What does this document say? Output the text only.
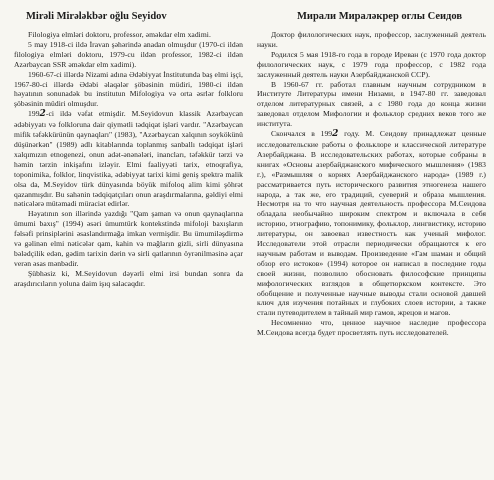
Mirəli Mirələkbər oğlu Seyidov

Filologiya elmləri doktoru, professor, əməkdar elm xadimi.

5 may 1918-ci ildə İravan şəhərində anadan olmuşdur (1970-ci ildən filologiya elmləri doktoru, 1979-cu ildən professor, 1982-ci ildən Azərbaycan SSR əməkdar elm xadimi).

1960-67-ci illərdə Nizami adına Ədəbiyyat İnstitutunda baş elmi işçi, 1967-80-ci illərdə Ədəbi əlaqələr şöbəsinin müdiri, 1980-ci ildən həyatının sonunadək bu institutun Mifologiya və orta əsrlər folkloru şöbəsinin müdiri olmuşdur.

1992-ci ildə vəfat etmişdir. M.Seyidovun klassik Azərbaycan ədəbiyyatı və folkloruna dair qiymətli tədqiqat işləri vardır. "Azərbaycan mifik təfəkkürünün qaynaqları" (1983), "Azərbaycan xalqının soykökünü düşünərkən" (1989) adlı kitablarında toplanmış sanballı tədqiqat işləri xalqımızın etnogenezi, onun adət-ənənələri, inancları, təfəkkür tərzi və həmin tərzin inkişafını izləyir. Elmi faaliyyəti tarix, etnoqrafiya, toponimika, folklor, linqvistika, ədəbiyyat tarixi kimi geniş spektrə malik olsa da, M.Seyidov türk dünyasında böyük mifoloq alim kimi şöhrət qazanmışdır. Bu sahənin tədqiqatçıları onun araşdırmalarına, gəldiyi elmi nəticələrə mütəmadi müraciət edirlər.

Həyatının son illərində yazdığı "Qam şaman və onun qaynaqlarına ümumi baxış" (1994) əsəri ümumtürk kontekstində mifoloji baxışların fəlsəfi prinsiplərini əsaslandırmağa imkan vermişdir. Bu ümumiləşdirmə və gəlinən elmi nəticələr qam, kahin və mağların gizli, sirli dünyasına bələdçilik edən, gədim tarixin dərin və sirli qatlarının öyrənilməsinə açar verən əsas mənbədir.

Şübhəsiz ki, M.Seyidovun dəyərli elmi irsi bundan sonra da araşdırıcıların yoluna daim işıq salacaqdır.

Мирали Мираләкрер оглы Сеидов

Доктор филологических наук, профессор, заслуженный деятель науки.

Родился 5 мая 1918-го года в городе Иреван (с 1970 года доктор филологических наук, с 1979 года профессор, с 1982 года заслуженный деятель науки Азербайджанской ССР).

В 1960-67 гг. работал главным научным сотрудником в Институте Литературы имени Низами, в 1947-80 гг. заведовал отделом литературных связей, а с 1980 года до конца жизни заведовал отделом Мифологии и фольклор средних веков того же института.

Скончался в 1992 году. М. Сеидову принадлежат ценные исследовательские работы о фольклоре и классической литературе Азербайджана. В исследовательских работах, которые собраны в книгах «Основы азербайджанского мифического мышления» (1983 г.), «Размышляя о корнях Азербайджанского народа» (1989 г.) рассматривается путь исторического развития этногенеза нашего народа, а так же, его традиций, суеверий и образа мышления. Несмотря на то что научная деятельность профессора М.Сеидова обладала необычайно широким спектром и включала в себя историю, этнографию, топонимику, фольклор, лингвистику, историю литературы, он завоевал известность как ученый мифолог. Исследователи этой отрасли периодически обращаются к его научным работам и выводам. Произведение «Гам шаман и общий обзор его истоков» (1994) которое он написал в последние годы своей жизни, позволило обосновать философские принципы мифологических взглядов в общетюркском контексте. Это обобщение и полученные научные выводы стали основой давшей ключ для изучения потайных и глубоких слоев истории, а также стали путеводителем в тайный мир гамов, жрецов и магов.

Несомненно что, ценное научное наследие профессора М.Сеидова всегда будет просветлять путь исследователей.
